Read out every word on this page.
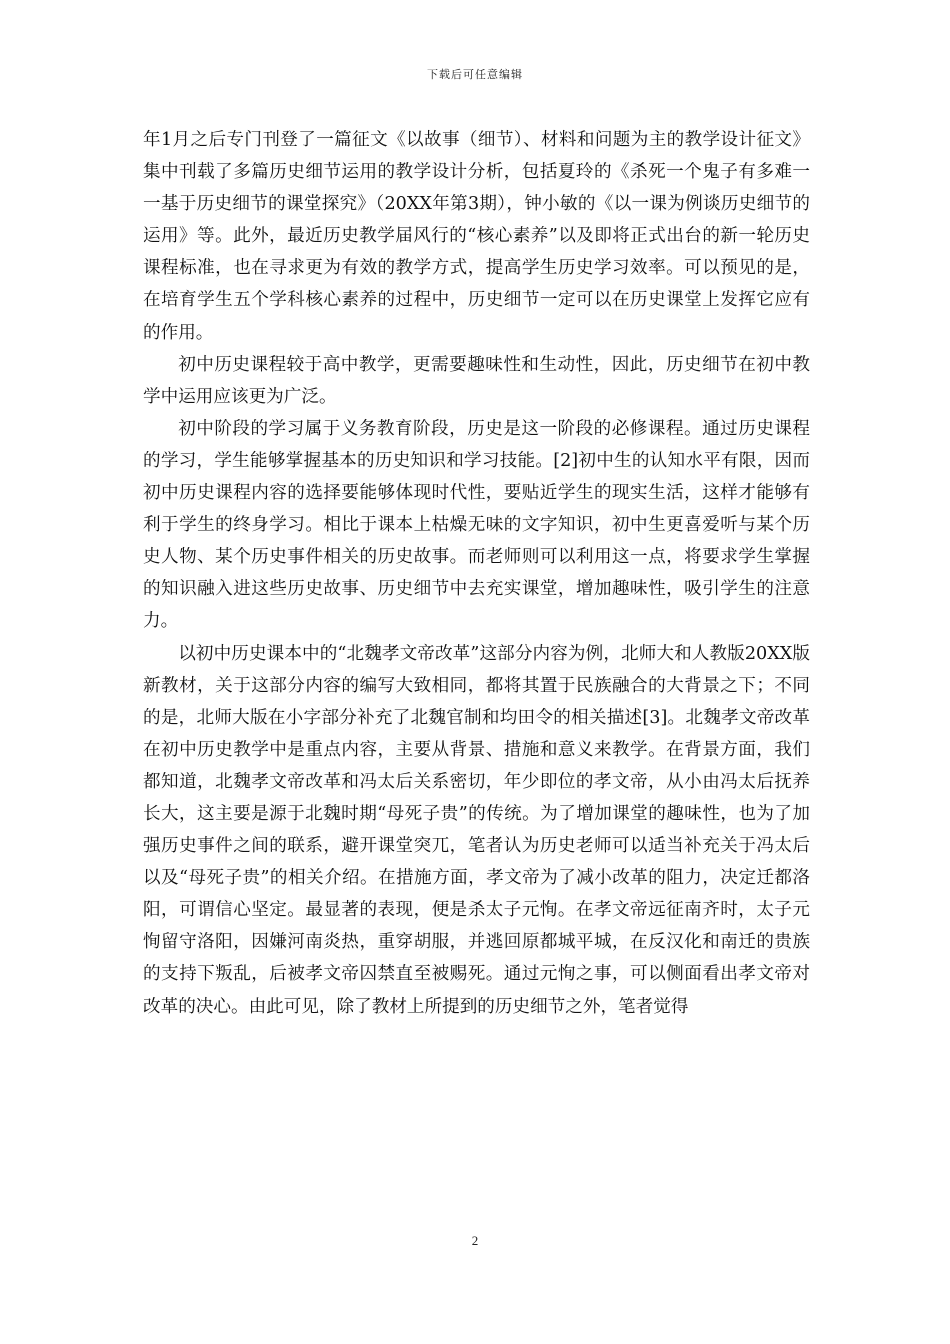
下载后可任意编辑

年1月之后专门刊登了一篇征文《以故事（细节）、材料和问题为主的教学设计征文》集中刊载了多篇历史细节运用的教学设计分析，包括夏玲的《杀死一个鬼子有多难一一基于历史细节的课堂探究》（20XX年第3期），钟小敏的《以一课为例谈历史细节的运用》等。此外，最近历史教学届风行的“核心素养”以及即将正式出台的新一轮历史课程标准，也在寻求更为有效的教学方式，提高学生历史学习效率。可以预见的是，在培育学生五个学科核心素养的过程中，历史细节一定可以在历史课堂上发挥它应有的作用。

初中历史课程较于高中教学，更需要趣味性和生动性，因此，历史细节在初中教学中运用应该更为广泛。

初中阶段的学习属于义务教育阶段，历史是这一阶段的必修课程。通过历史课程的学习，学生能够掌握基本的历史知识和学习技能。[2]初中生的认知水平有限，因而初中历史课程内容的选择要能够体现时代性，要贴近学生的现实生活，这样才能够有利于学生的终身学习。相比于课本上枯燥无味的文字知识，初中生更喜爱听与某个历史人物、某个历史事件相关的历史故事。而老师则可以利用这一点，将要求学生掌握的知识融入进这些历史故事、历史细节中去充实课堂，增加趣味性，吸引学生的注意力。

以初中历史课本中的“北魏孝文帝改革”这部分内容为例，北师大和人教版20XX版新教材，关于这部分内容的编写大致相同，都将其置于民族融合的大背景之下；不同的是，北师大版在小字部分补充了北魏官制和均田令的相关描述[3]。北魏孝文帝改革在初中历史教学中是重点内容，主要从背景、措施和意义来教学。在背景方面，我们都知道，北魏孝文帝改革和冯太后关系密切，年少即位的孝文帝，从小由冯太后抚养长大，这主要是源于北魏时期“母死子贵”的传统。为了增加课堂的趣味性，也为了加强历史事件之间的联系，避开课堂突兀，笔者认为历史老师可以适当补充关于冯太后以及“母死子贵”的相关介绍。在措施方面，孝文帝为了减小改革的阻力，决定迁都洛阳，可谓信心坚定。最显著的表现，便是杀太子元恂。在孝文帝远征南齐时，太子元恂留守洛阳，因嫌河南炎热，重穿胡服，并逃回原都城平城，在反汉化和南迁的贵族的支持下叛乱，后被孝文帝囚禁直至被赐死。通过元恂之事，可以侧面看出孝文帝对改革的决心。由此可见，除了教材上所提到的历史细节之外，笔者觉得

2
